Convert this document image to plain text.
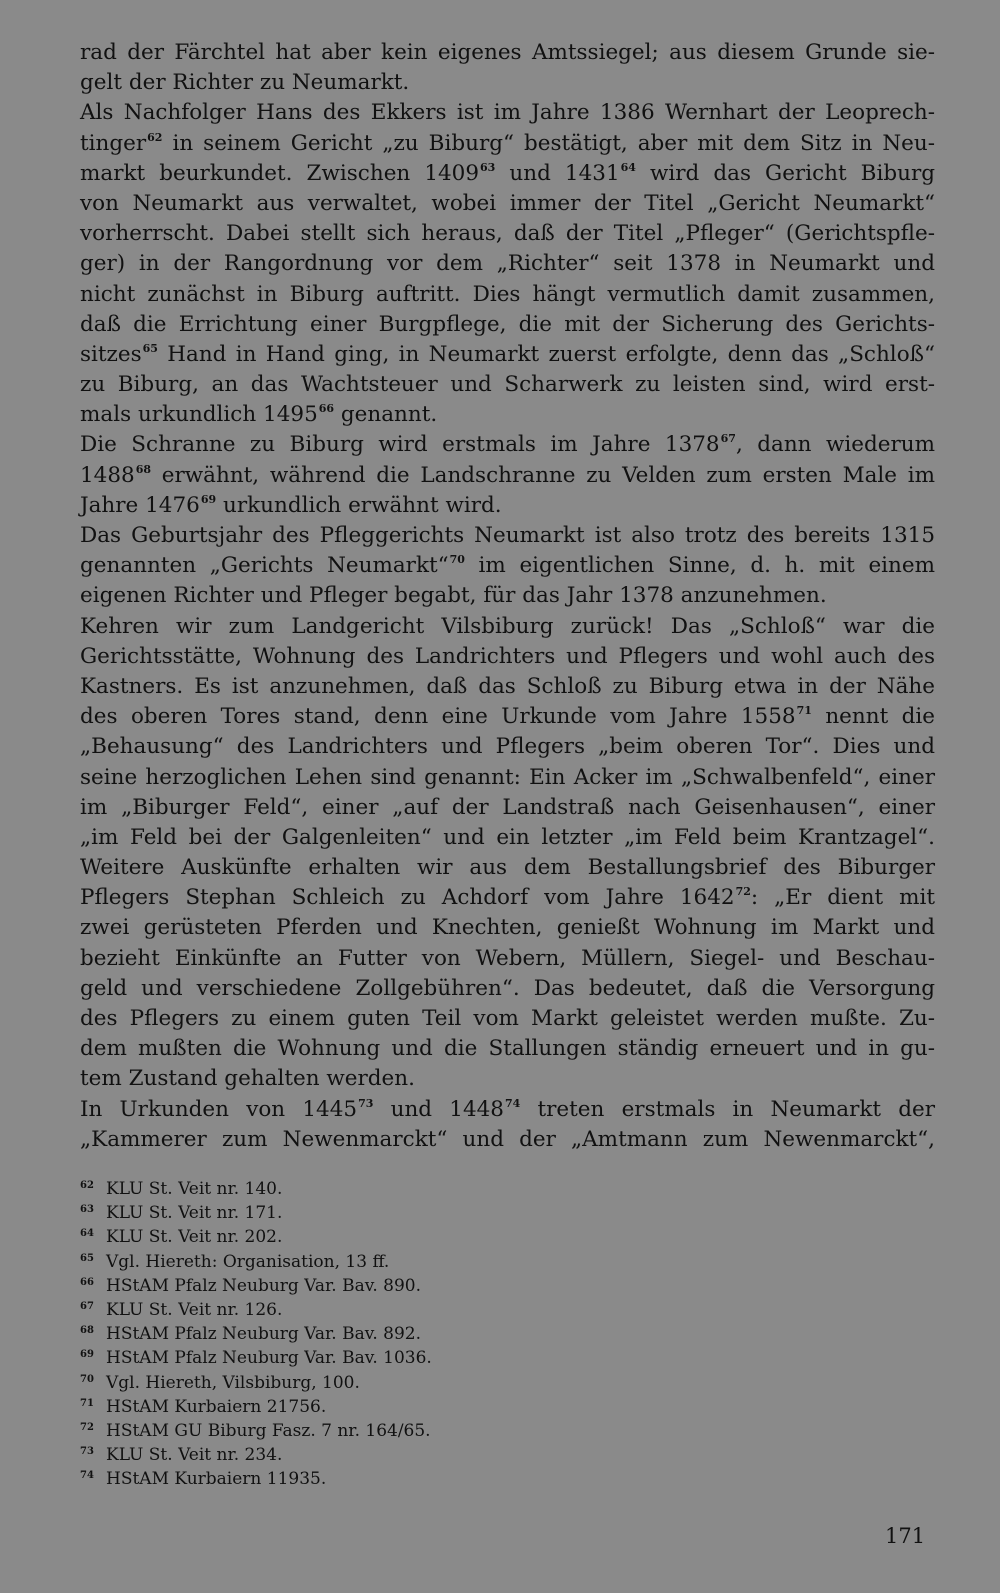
rad der Färchtel hat aber kein eigenes Amtssiegel; aus diesem Grunde sie-
gelt der Richter zu Neumarkt.
Als Nachfolger Hans des Ekkers ist im Jahre 1386 Wernhart der Leoprech-
tinger$^{62}$ in seinem Gericht „zu Biburg“ bestätigt, aber mit dem Sitz in Neu-
markt beurkundet. Zwischen 1409$^{63}$ und 1431$^{64}$ wird das Gericht Biburg
von Neumarkt aus verwaltet, wobei immer der Titel „Gericht Neumarkt“
vorherrscht. Dabei stellt sich heraus, daß der Titel „Pfleger“ (Gerichtspfle-
ger) in der Rangordnung vor dem „Richter“ seit 1378 in Neumarkt und
nicht zunächst in Biburg auftritt. Dies hängt vermutlich damit zusammen,
daß die Errichtung einer Burgpflege, die mit der Sicherung des Gerichts-
sitzes$^{65}$ Hand in Hand ging, in Neumarkt zuerst erfolgte, denn das „Schloß“
zu Biburg, an das Wachtsteuer und Scharwerk zu leisten sind, wird erst-
mals urkundlich 1495$^{66}$ genannt.
Die Schranne zu Biburg wird erstmals im Jahre 1378$^{67}$, dann wiederum
1488$^{68}$ erwähnt, während die Landschranne zu Velden zum ersten Male im
Jahre 1476$^{69}$ urkundlich erwähnt wird.
Das Geburtsjahr des Pfleggerichts Neumarkt ist also trotz des bereits 1315
genannten „Gerichts Neumarkt“$^{70}$ im eigentlichen Sinne, d. h. mit einem
eigenen Richter und Pfleger begabt, für das Jahr 1378 anzunehmen.
Kehren wir zum Landgericht Vilsbiburg zurück! Das „Schloß“ war die
Gerichtsstätte, Wohnung des Landrichters und Pflegers und wohl auch des
Kastners. Es ist anzunehmen, daß das Schloß zu Biburg etwa in der Nähe
des oberen Tores stand, denn eine Urkunde vom Jahre 1558$^{71}$ nennt die
„Behausung“ des Landrichters und Pflegers „beim oberen Tor“. Dies und
seine herzoglichen Lehen sind genannt: Ein Acker im „Schwalbenfeld“, einer
im „Biburger Feld“, einer „auf der Landstraß nach Geisenhausen“, einer
„im Feld bei der Galgenleiten“ und ein letzter „im Feld beim Krantzagel“.
Weitere Auskünfte erhalten wir aus dem Bestallungsbrief des Biburger
Pflegers Stephan Schleich zu Achdorf vom Jahre 1642$^{72}$: „Er dient mit
zwei gerüsteten Pferden und Knechten, genießt Wohnung im Markt und
bezieht Einkünfte an Futter von Webern, Müllern, Siegel- und Beschau-
geld und verschiedene Zollgebühren“. Das bedeutet, daß die Versorgung
des Pflegers zu einem guten Teil vom Markt geleistet werden mußte. Zu-
dem mußten die Wohnung und die Stallungen ständig erneuert und in gu-
tem Zustand gehalten werden.
In Urkunden von 1445$^{73}$ und 1448$^{74}$ treten erstmals in Neumarkt der
„Kammerer zum Newenmarckt“ und der „Amtmann zum Newenmarckt“,
62 KLU St. Veit nr. 140.
63 KLU St. Veit nr. 171.
64 KLU St. Veit nr. 202.
65 Vgl. Hiereth: Organisation, 13 ff.
66 HStAM Pfalz Neuburg Var. Bav. 890.
67 KLU St. Veit nr. 126.
68 HStAM Pfalz Neuburg Var. Bav. 892.
69 HStAM Pfalz Neuburg Var. Bav. 1036.
70 Vgl. Hiereth, Vilsbiburg, 100.
71 HStAM Kurbaiern 21756.
72 HStAM GU Biburg Fasz. 7 nr. 164/65.
73 KLU St. Veit nr. 234.
74 HStAM Kurbaiern 11935.
171
